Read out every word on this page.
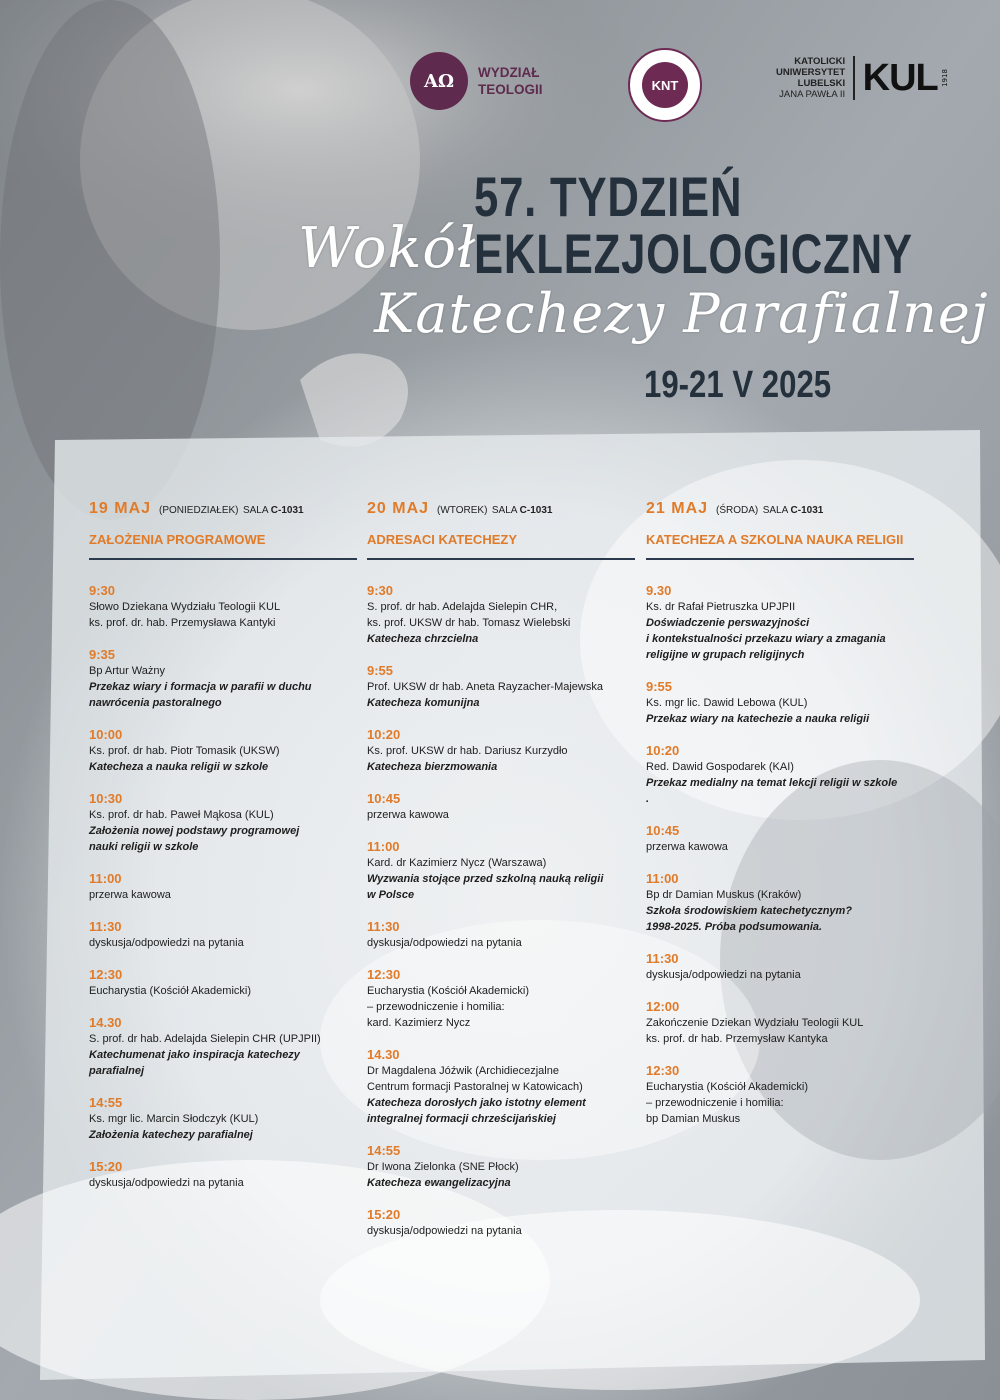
AΩ	WYDZIAŁ
TEOLOGII	KNT
KATOLICKI
UNIWERSYTET
LUBELSKI
JANA PAWŁA II KUL 1918
57. TYDZIEŃ
EKLEZJOLOGICZNY
Wokół
Katechezy Parafialnej
19-21 V 2025
19 MAJ (PONIEDZIAŁEK) SALA C-1031
ZAŁOŻENIA PROGRAMOWE
9:30
Słowo Dziekana Wydziału Teologii KUL
ks. prof. dr. hab. Przemysława Kantyki
9:35
Bp Artur Ważny
Przekaz wiary i formacja w parafii w duchu
nawrócenia pastoralnego
10:00
Ks. prof. dr hab. Piotr Tomasik (UKSW)
Katecheza a nauka religii w szkole
10:30
Ks. prof. dr hab. Paweł Mąkosa (KUL)
Założenia nowej podstawy programowej
nauki religii w szkole
11:00
przerwa kawowa
11:30
dyskusja/odpowiedzi na pytania
12:30
Eucharystia (Kościół Akademicki)
14.30
S. prof. dr hab. Adelajda Sielepin CHR (UPJPII)
Katechumenat jako inspiracja katechezy
parafialnej
14:55
Ks. mgr lic. Marcin Słodczyk (KUL)
Założenia katechezy parafialnej
15:20
dyskusja/odpowiedzi na pytania
20 MAJ (WTOREK) SALA C-1031
ADRESACI KATECHEZY
9:30
S. prof. dr hab. Adelajda Sielepin CHR,
ks. prof. UKSW dr hab. Tomasz Wielebski
Katecheza chrzcielna
9:55
Prof. UKSW dr hab. Aneta Rayzacher-Majewska
Katecheza komunijna
10:20
Ks. prof. UKSW dr hab. Dariusz Kurzydło
Katecheza bierzmowania
10:45
przerwa kawowa
11:00
Kard. dr Kazimierz Nycz (Warszawa)
Wyzwania stojące przed szkolną nauką religii
w Polsce
11:30
dyskusja/odpowiedzi na pytania
12:30
Eucharystia (Kościół Akademicki)
– przewodniczenie i homilia:
kard. Kazimierz Nycz
14.30
Dr Magdalena Jóźwik (Archidiecezjalne
Centrum formacji Pastoralnej w Katowicach)
Katecheza dorosłych jako istotny element
integralnej formacji chrześcijańskiej
14:55
Dr Iwona Zielonka (SNE Płock)
Katecheza ewangelizacyjna
15:20
dyskusja/odpowiedzi na pytania
21 MAJ (ŚRODA) SALA C-1031
KATECHEZA A SZKOLNA NAUKA RELIGII
9.30
Ks. dr Rafał Pietruszka UPJPII
Doświadczenie perswazyjności
i kontekstualności przekazu wiary a zmagania
religijne w grupach religijnych
9:55
Ks. mgr lic. Dawid Lebowa (KUL)
Przekaz wiary na katechezie a nauka religii
10:20
Red. Dawid Gospodarek (KAI)
Przekaz medialny na temat lekcji religii w szkole
.
10:45
przerwa kawowa
11:00
Bp dr Damian Muskus (Kraków)
Szkoła środowiskiem katechetycznym?
1998-2025. Próba podsumowania.
11:30
dyskusja/odpowiedzi na pytania
12:00
Zakończenie Dziekan Wydziału Teologii KUL
ks. prof. dr hab. Przemysław Kantyka
12:30
Eucharystia (Kościół Akademicki)
– przewodniczenie i homilia:
bp Damian Muskus
